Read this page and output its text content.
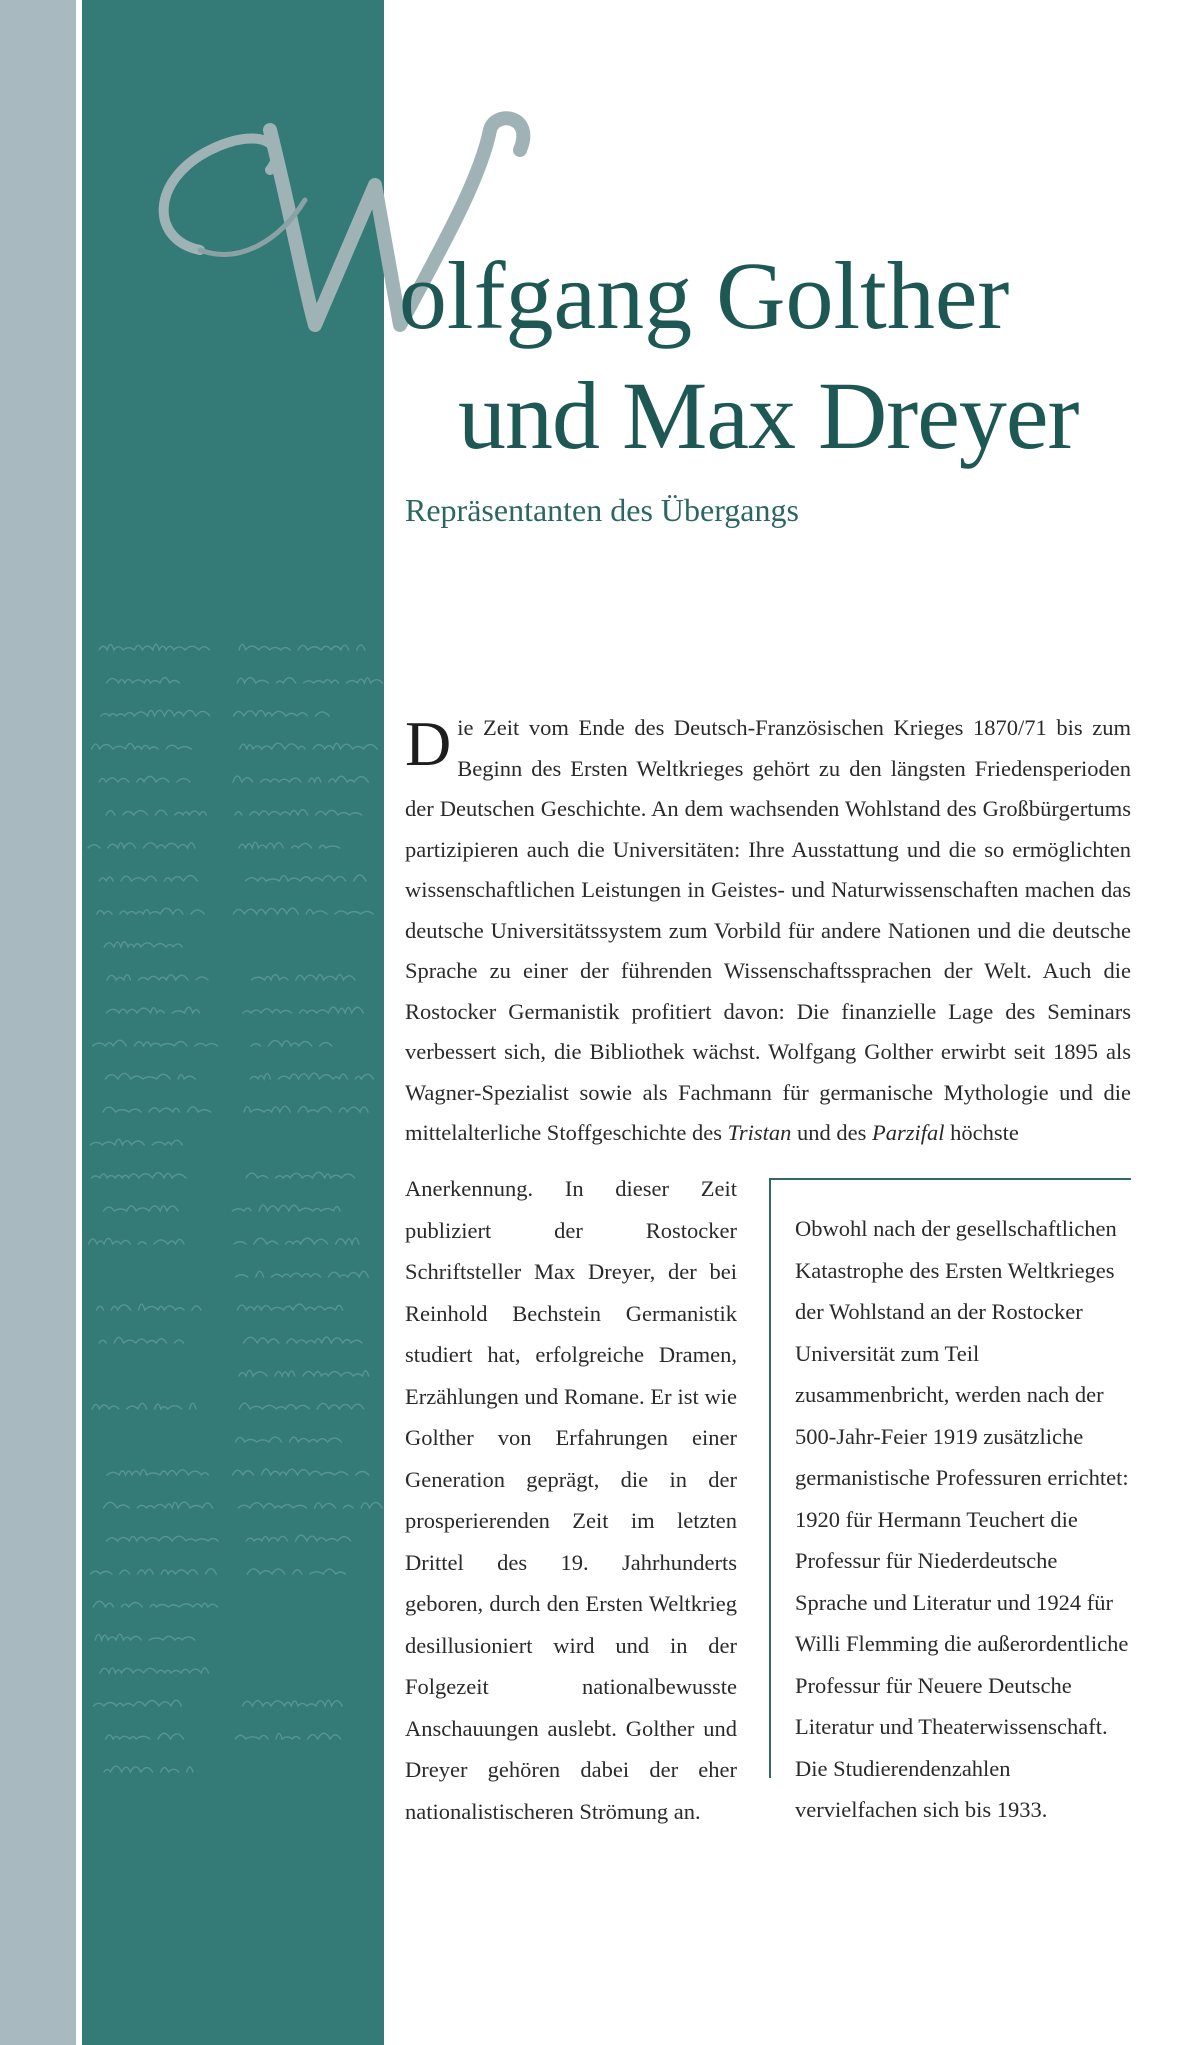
olfgang Golther
und Max Dreyer
Repräsentanten des Übergangs

Die Zeit vom Ende des Deutsch-Französischen Krieges 1870/71 bis zum Beginn des Ersten Weltkrieges gehört zu den längsten Friedensperioden der Deutschen Geschichte. An dem wachsenden Wohlstand des Großbürgertums partizipieren auch die Universitäten: Ihre Ausstattung und die so ermöglichten wissenschaftlichen Leistungen in Geistes- und Naturwissenschaften machen das deutsche Universitätssystem zum Vorbild für andere Nationen und die deutsche Sprache zu einer der führenden Wissenschaftssprachen der Welt. Auch die Rostocker Germanistik profitiert davon: Die finanzielle Lage des Seminars verbessert sich, die Bibliothek wächst. Wolfgang Golther erwirbt seit 1895 als Wagner-Spezialist sowie als Fachmann für germanische Mythologie und die mittelalterliche Stoffgeschichte des Tristan und des Parzifal höchste

Anerkennung. In dieser Zeit publiziert der Rostocker Schriftsteller Max Dreyer, der bei Reinhold Bechstein Germanistik studiert hat, erfolgreiche Dramen, Erzählungen und Romane. Er ist wie Golther von Erfahrungen einer Generation geprägt, die in der prosperierenden Zeit im letzten Drittel des 19. Jahrhunderts geboren, durch den Ersten Weltkrieg desillusioniert wird und in der Folgezeit nationalbewusste Anschauungen auslebt. Golther und Dreyer gehören dabei der eher nationalistischeren Strömung an.

Obwohl nach der gesellschaftlichen Katastrophe des Ersten Weltkrieges der Wohlstand an der Rostocker Universität zum Teil zusammenbricht, werden nach der 500-Jahr-Feier 1919 zusätzliche germanistische Professuren errichtet: 1920 für Hermann Teuchert die Professur für Niederdeutsche Sprache und Literatur und 1924 für Willi Flemming die außerordentliche Professur für Neuere Deutsche Literatur und Theaterwissenschaft. Die Studierendenzahlen vervielfachen sich bis 1933.
